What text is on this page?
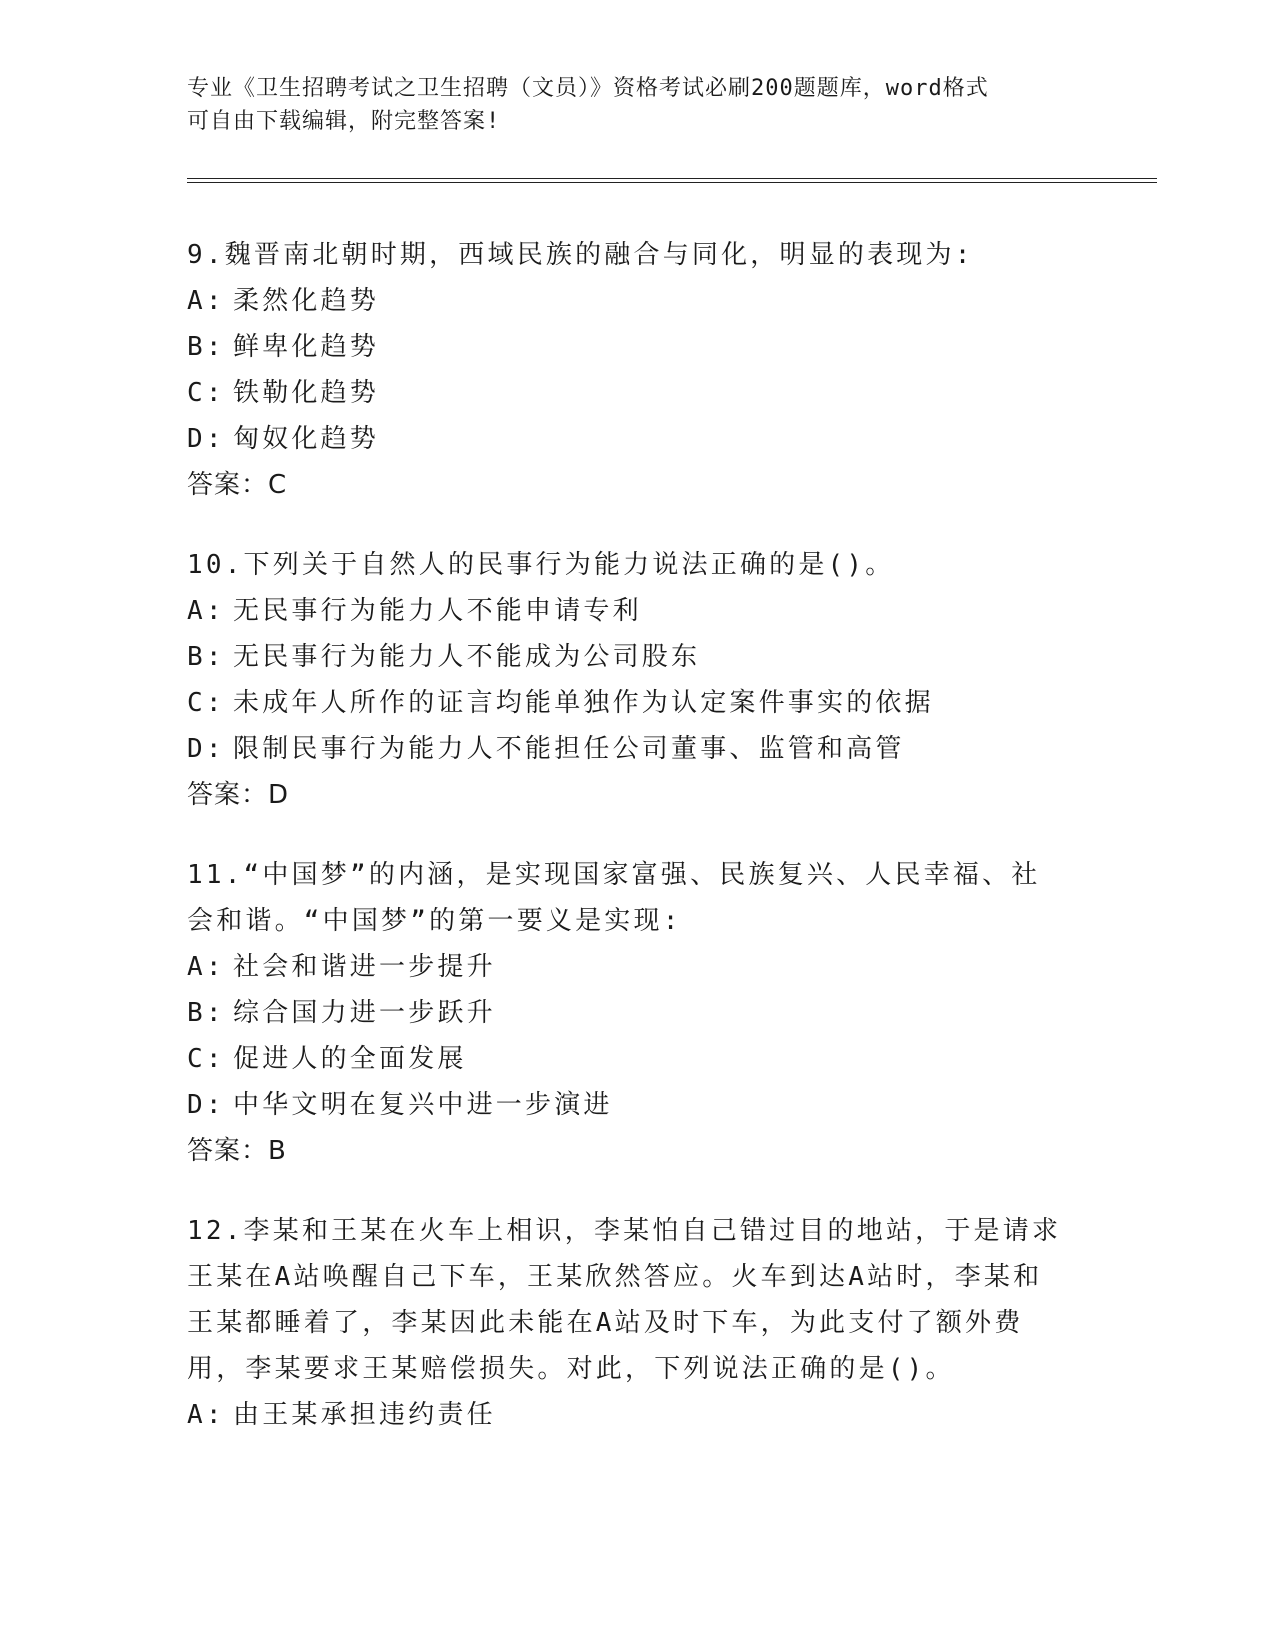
专业《卫生招聘考试之卫生招聘（文员）》资格考试必刷200题题库，word格式
可自由下载编辑，附完整答案!

9.魏晋南北朝时期，西域民族的融合与同化，明显的表现为:

A: 柔然化趋势

B: 鲜卑化趋势

C: 铁勒化趋势

D: 匈奴化趋势

答案：C

10.下列关于自然人的民事行为能力说法正确的是()。

A: 无民事行为能力人不能申请专利

B: 无民事行为能力人不能成为公司股东

C: 未成年人所作的证言均能单独作为认定案件事实的依据

D: 限制民事行为能力人不能担任公司董事、监管和高管

答案：D

11.“中国梦”的内涵，是实现国家富强、民族复兴、人民幸福、社会和谐。“中国梦”的第一要义是实现:

A: 社会和谐进一步提升

B: 综合国力进一步跃升

C: 促进人的全面发展

D: 中华文明在复兴中进一步演进

答案：B

12.李某和王某在火车上相识，李某怕自己错过目的地站，于是请求王某在A站唤醒自己下车，王某欣然答应。火车到达A站时，李某和王某都睡着了，李某因此未能在A站及时下车，为此支付了额外费用，李某要求王某赔偿损失。对此，下列说法正确的是()。

A: 由王某承担违约责任
